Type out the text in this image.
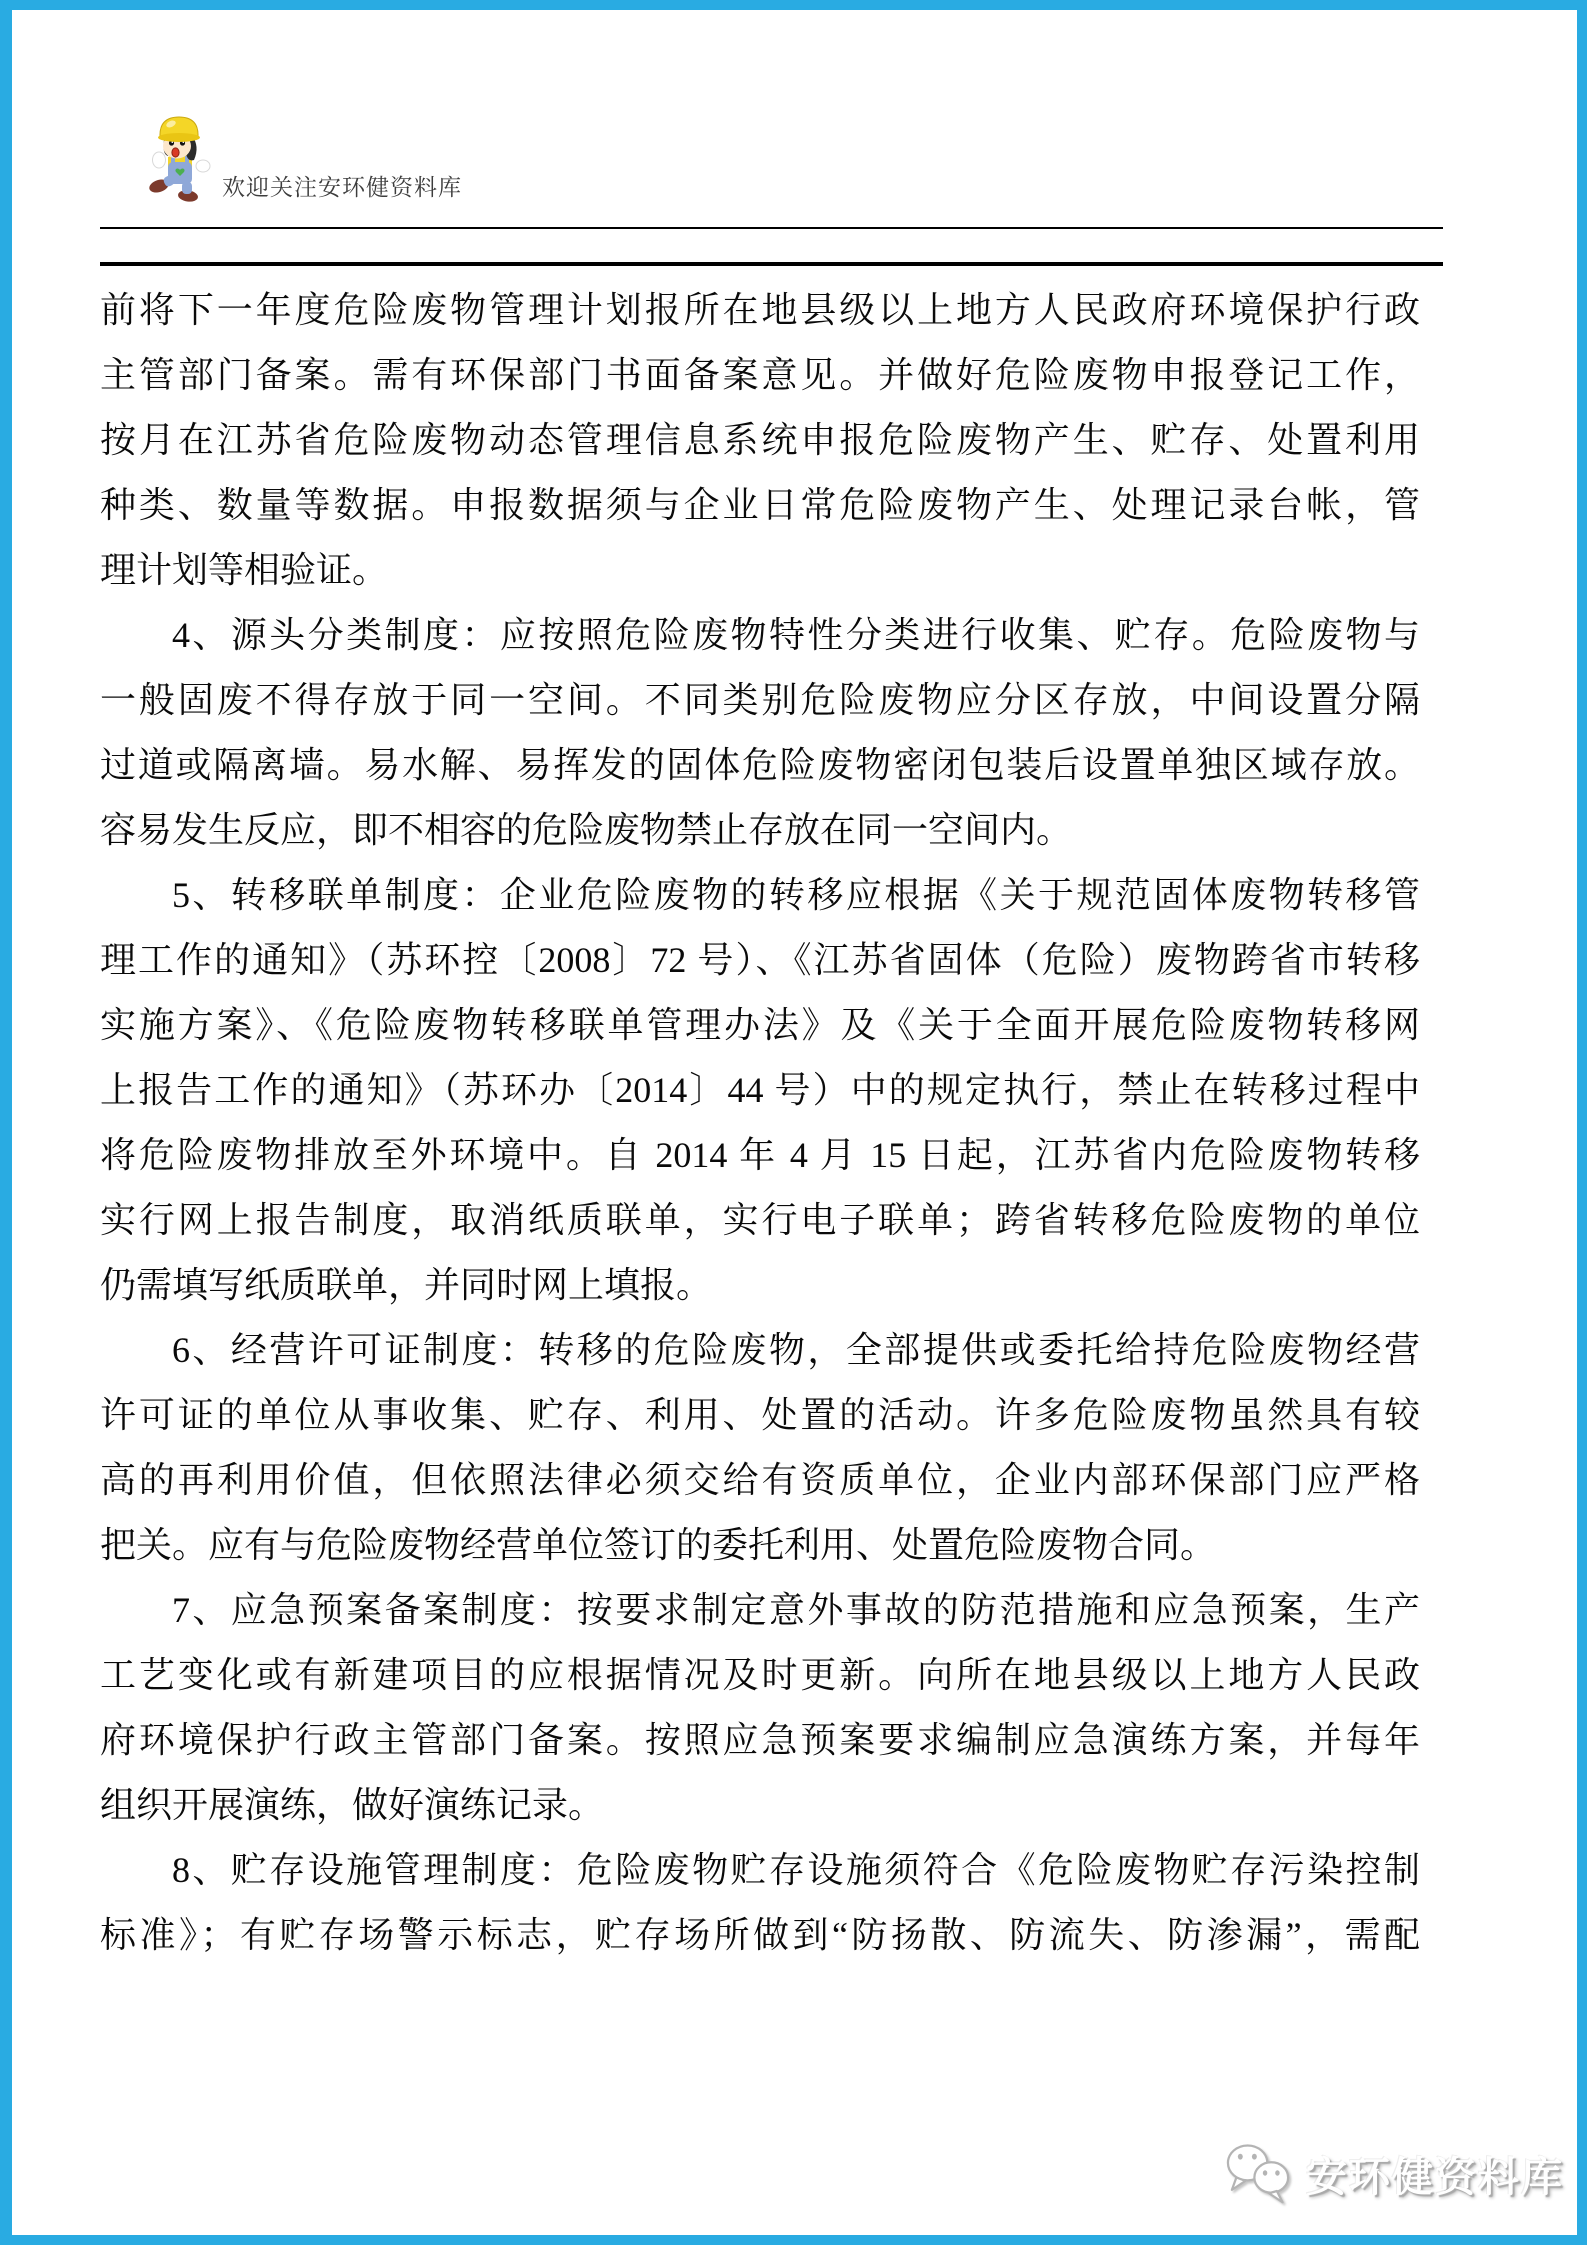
欢迎关注安环健资料库
前将下一年度危险废物管理计划报所在地县级以上地方人民政府环境保护行政
主管部门备案。需有环保部门书面备案意见。并做好危险废物申报登记工作，
按月在江苏省危险废物动态管理信息系统申报危险废物产生、贮存、处置利用
种类、数量等数据。申报数据须与企业日常危险废物产生、处理记录台帐，管
理计划等相验证。
4、源头分类制度：应按照危险废物特性分类进行收集、贮存。危险废物与
一般固废不得存放于同一空间。不同类别危险废物应分区存放，中间设置分隔
过道或隔离墙。易水解、易挥发的固体危险废物密闭包装后设置单独区域存放。
容易发生反应，即不相容的危险废物禁止存放在同一空间内。
5、转移联单制度：企业危险废物的转移应根据《关于规范固体废物转移管
理工作的通知》（苏环控〔2008〕72 号）、《江苏省固体（危险）废物跨省市转移
实施方案》、《危险废物转移联单管理办法》及《关于全面开展危险废物转移网
上报告工作的通知》（苏环办〔2014〕44 号）中的规定执行，禁止在转移过程中
将危险废物排放至外环境中。自 2014 年 4 月 15 日起，江苏省内危险废物转移
实行网上报告制度，取消纸质联单，实行电子联单；跨省转移危险废物的单位
仍需填写纸质联单，并同时网上填报。
6、经营许可证制度：转移的危险废物，全部提供或委托给持危险废物经营
许可证的单位从事收集、贮存、利用、处置的活动。许多危险废物虽然具有较
高的再利用价值，但依照法律必须交给有资质单位，企业内部环保部门应严格
把关。应有与危险废物经营单位签订的委托利用、处置危险废物合同。
7、应急预案备案制度：按要求制定意外事故的防范措施和应急预案，生产
工艺变化或有新建项目的应根据情况及时更新。向所在地县级以上地方人民政
府环境保护行政主管部门备案。按照应急预案要求编制应急演练方案，并每年
组织开展演练，做好演练记录。
8、贮存设施管理制度：危险废物贮存设施须符合《危险废物贮存污染控制
标准》；有贮存场警示标志，贮存场所做到“防扬散、防流失、防渗漏”，需配
安环健资料库
